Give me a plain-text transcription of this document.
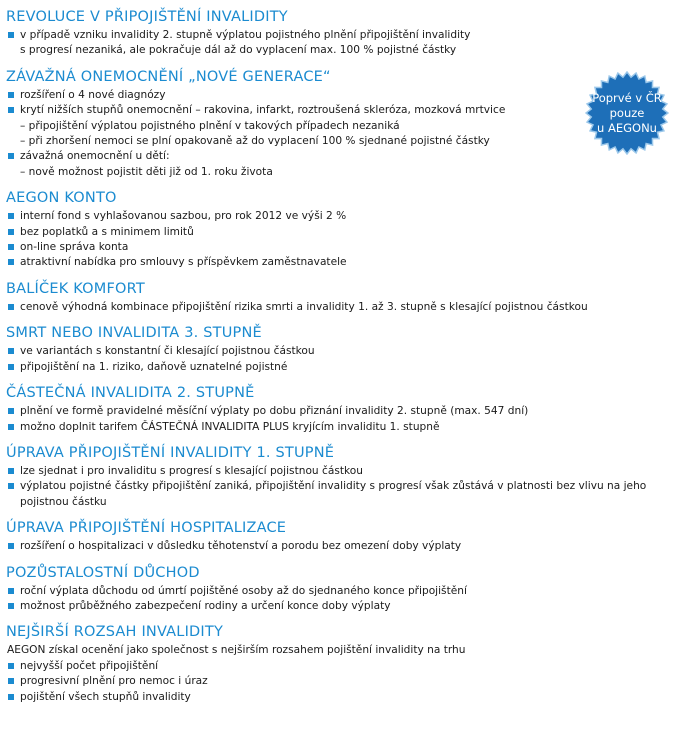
REVOLUCE V PŘIPOJIŠTĚNÍ INVALIDITY
v případě vzniku invalidity 2. stupně výplatou pojistného plnění připojištění invalidity
s progresí nezaniká, ale pokračuje dál až do vyplacení max. 100 % pojistné částky
ZÁVAŽNÁ ONEMOCNĚNÍ „NOVÉ GENERACE“
rozšíření o 4 nové diagnózy
krytí nižších stupňů onemocnění – rakovina, infarkt, roztroušená skleróza, mozková mrtvice
– připojištění výplatou pojistného plnění v takových případech nezaniká
– při zhoršení nemoci se plní opakovaně až do vyplacení 100 % sjednané pojistné částky
závažná onemocnění u dětí:
– nově možnost pojistit děti již od 1. roku života
AEGON KONTO
interní fond s vyhlašovanou sazbou, pro rok 2012 ve výši 2 %
bez poplatků a s minimem limitů
on-line správa konta
atraktivní nabídka pro smlouvy s příspěvkem zaměstnavatele
BALÍČEK KOMFORT
cenově výhodná kombinace připojištění rizika smrti a invalidity 1. až 3. stupně s klesající pojistnou částkou
SMRT NEBO INVALIDITA 3. STUPNĚ
ve variantách s konstantní či klesající pojistnou částkou
připojištění na 1. riziko, daňově uznatelné pojistné
ČÁSTEČNÁ INVALIDITA 2. STUPNĚ
plnění ve formě pravidelné měsíční výplaty po dobu přiznání invalidity 2. stupně (max. 547 dní)
možno doplnit tarifem ČÁSTEČNÁ INVALIDITA PLUS kryjícím invaliditu 1. stupně
ÚPRAVA PŘIPOJIŠTĚNÍ INVALIDITY 1. STUPNĚ
lze sjednat i pro invaliditu s progresí s klesající pojistnou částkou
výplatou pojistné částky připojištění zaniká, připojištění invalidity s progresí však zůstává v platnosti bez vlivu na jeho
pojistnou částku
ÚPRAVA PŘIPOJIŠTĚNÍ HOSPITALIZACE
rozšíření o hospitalizaci v důsledku těhotenství a porodu bez omezení doby výplaty
POZŮSTALOSTNÍ DŮCHOD
roční výplata důchodu od úmrtí pojištěné osoby až do sjednaného konce připojištění
možnost průběžného zabezpečení rodiny a určení konce doby výplaty
NEJŠIRŠÍ ROZSAH INVALIDITY
AEGON získal ocenění jako společnost s nejširším rozsahem pojištění invalidity na trhu
nejvyšší počet připojištění
progresivní plnění pro nemoc i úraz
pojištění všech stupňů invalidity
Poprvé v ČR
pouze
u AEGONu
